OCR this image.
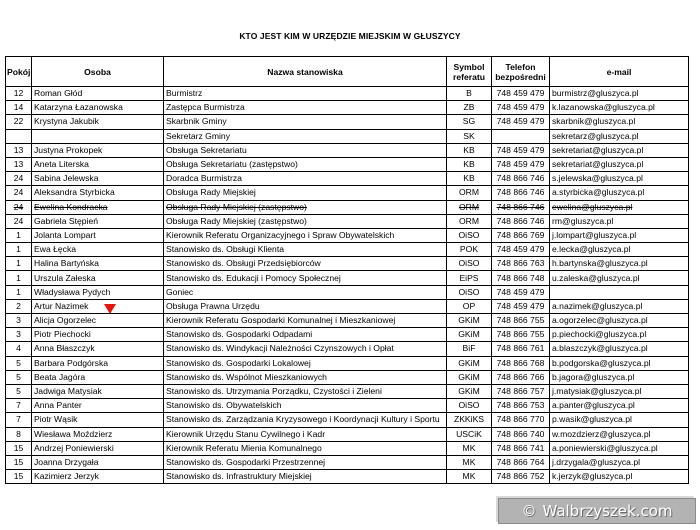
KTO JEST KIM W URZĘDZIE MIEJSKIM W GŁUSZYCY
Pokój	Osoba	Nazwa stanowiska	Symbol referatu	Telefon bezpośredni	e-mail
12	Roman Głód	Burmistrz	B	748 459 479	burmistrz@gluszyca.pl
14	Katarzyna Łazanowska	Zastępca Burmistrza	ZB	748 459 479	k.lazanowska@gluszyca.pl
22	Krystyna Jakubik	Skarbnik Gminy	SG	748 459 479	skarbnik@gluszyca.pl
		Sekretarz Gminy	SK		sekretarz@gluszyca.pl
13	Justyna Prokopek	Obsługa Sekretariatu	KB	748 459 479	sekretariat@gluszyca.pl
13	Aneta Literska	Obsługa Sekretariatu (zastępstwo)	KB	748 459 479	sekretariat@gluszyca.pl
24	Sabina Jelewska	Doradca Burmistrza	KB	748 866 746	s.jelewska@gluszyca.pl
24	Aleksandra Styrbicka	Obsługa Rady Miejskiej	ORM	748 866 746	a.styrbicka@gluszyca.pl
24	Ewelina Kondracka	Obsługa Rady Miejskiej (zastępstwo)	ORM	748 866 746	ewelina@gluszyca.pl
24	Gabriela Stępień	Obsługa Rady Miejskiej (zastępstwo)	ORM	748 866 746	rm@gluszyca.pl
1	Jolanta Lompart	Kierownik Referatu Organizacyjnego i Spraw Obywatelskich	OiSO	748 866 769	j.lompart@gluszyca.pl
1	Ewa Łęcka	Stanowisko ds. Obsługi Klienta	POK	748 459 479	e.lecka@gluszyca.pl
1	Halina Bartyńska	Stanowisko ds. Obsługi Przedsiębiorców	OiSO	748 866 763	h.bartynska@gluszyca.pl
1	Urszula Załeska	Stanowisko ds. Edukacji i Pomocy Społecznej	EiPS	748 866 748	u.zaleska@gluszyca.pl
1	Władysława Pydych	Goniec	OiSO	748 459 479	
2	Artur Nazimek	Obsługa Prawna Urzędu	OP	748 459 479	a.nazimek@gluszyca.pl
3	Alicja Ogorzelec	Kierownik Referatu Gospodarki Komunalnej i Mieszkaniowej	GKiM	748 866 755	a.ogorzelec@gluszyca.pl
3	Piotr Piechocki	Stanowisko ds. Gospodarki Odpadami	GKiM	748 866 755	p.piechocki@gluszyca.pl
4	Anna Błaszczyk	Stanowisko ds. Windykacji Należności Czynszowych i Opłat	BiF	748 866 761	a.blaszczyk@gluszyca.pl
5	Barbara Podgórska	Stanowisko ds. Gospodarki Lokalowej	GKiM	748 866 768	b.podgorska@gluszyca.pl
5	Beata Jagóra	Stanowisko ds. Wspólnot Mieszkaniowych	GKiM	748 866 766	b.jagora@gluszyca.pl
5	Jadwiga Matysiak	Stanowisko ds. Utrzymania Porządku, Czystości i Zieleni	GKiM	748 866 757	j.matysiak@gluszyca.pl
7	Anna Panter	Stanowisko ds. Obywatelskich	OiSO	748 866 753	a.panter@gluszyca.pl
7	Piotr Wąsik	Stanowisko ds. Zarządzania Kryzysowego i Koordynacji Kultury i Sportu	ZKKiKS	748 866 770	p.wasik@gluszyca.pl
8	Wiesława Moździerz	Kierownik Urzędu Stanu Cywilnego i Kadr	USCiK	748 866 740	w.mozdzierz@gluszyca.pl
15	Andrzej Poniewierski	Kierownik Referatu Mienia Komunalnego	MK	748 866 741	a.poniewierski@gluszyca.pl
15	Joanna Drzygała	Stanowisko ds. Gospodarki Przestrzennej	MK	748 866 764	j.drzygala@gluszyca.pl
15	Kazimierz Jerzyk	Stanowisko ds. Infrastruktury Miejskiej	MK	748 866 752	k.jerzyk@gluszyca.pl
© Walbrzyszek.com
